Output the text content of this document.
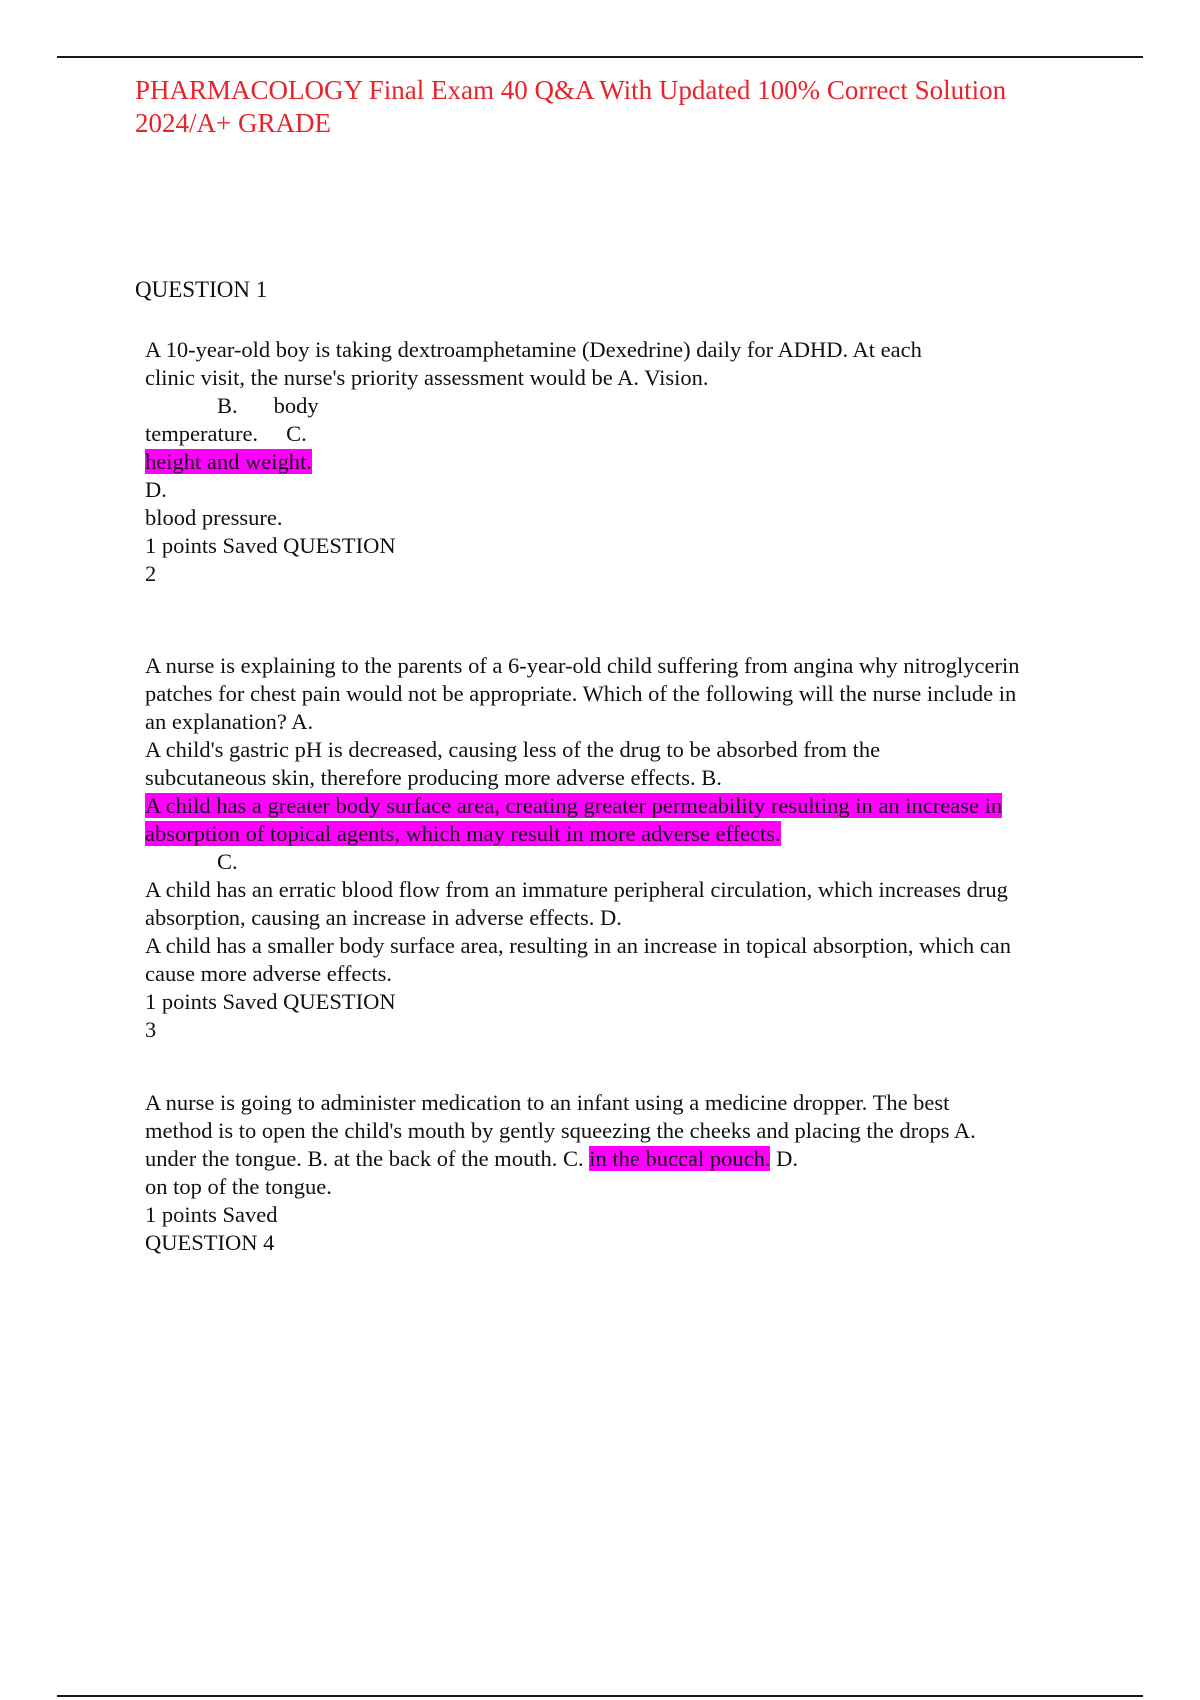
PHARMACOLOGY Final Exam 40 Q&A With Updated 100% Correct Solution
2024/A+ GRADE
QUESTION 1
A 10-year-old boy is taking dextroamphetamine (Dexedrine) daily for ADHD. At each
clinic visit, the nurse's priority assessment would be A. Vision.
B. body
temperature. C.
height and weight.
D.
blood pressure.
1 points Saved QUESTION
2
A nurse is explaining to the parents of a 6-year-old child suffering from angina why nitroglycerin
patches for chest pain would not be appropriate. Which of the following will the nurse include in
an explanation? A.
A child's gastric pH is decreased, causing less of the drug to be absorbed from the
subcutaneous skin, therefore producing more adverse effects. B.
A child has a greater body surface area, creating greater permeability resulting in an increase in
absorption of topical agents, which may result in more adverse effects.
C.
A child has an erratic blood flow from an immature peripheral circulation, which increases drug
absorption, causing an increase in adverse effects. D.
A child has a smaller body surface area, resulting in an increase in topical absorption, which can
cause more adverse effects.
1 points Saved QUESTION
3
A nurse is going to administer medication to an infant using a medicine dropper. The best
method is to open the child's mouth by gently squeezing the cheeks and placing the drops A.
under the tongue. B. at the back of the mouth. C. in the buccal pouch. D.
on top of the tongue.
1 points Saved
QUESTION 4
